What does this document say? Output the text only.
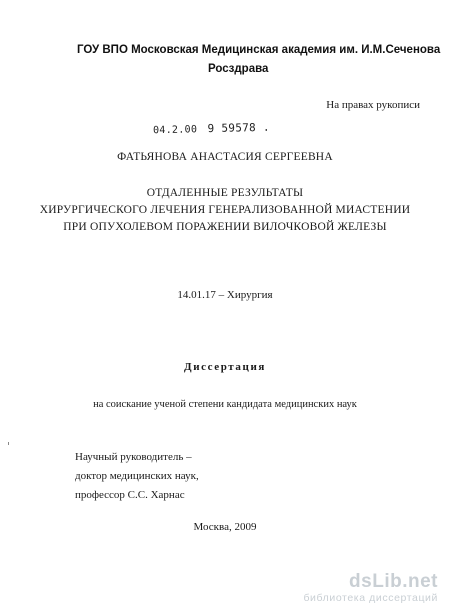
ГОУ ВПО Московская Медицинская академия им. И.М.Сеченова
Росздрава
На правах рукописи
04.2.00 9 59578 .
ФАТЬЯНОВА АНАСТАСИЯ СЕРГЕЕВНА
ОТДАЛЕННЫЕ РЕЗУЛЬТАТЫ
ХИРУРГИЧЕСКОГО ЛЕЧЕНИЯ ГЕНЕРАЛИЗОВАННОЙ МИАСТЕНИИ
ПРИ ОПУХОЛЕВОМ ПОРАЖЕНИИ ВИЛОЧКОВОЙ ЖЕЛЕЗЫ
14.01.17 – Хирургия
Диссертация
на соискание ученой степени кандидата медицинских наук
Научный руководитель –
доктор медицинских наук,
профессор С.С. Харнас
Москва, 2009
dsLib.net
библиотека диссертаций
